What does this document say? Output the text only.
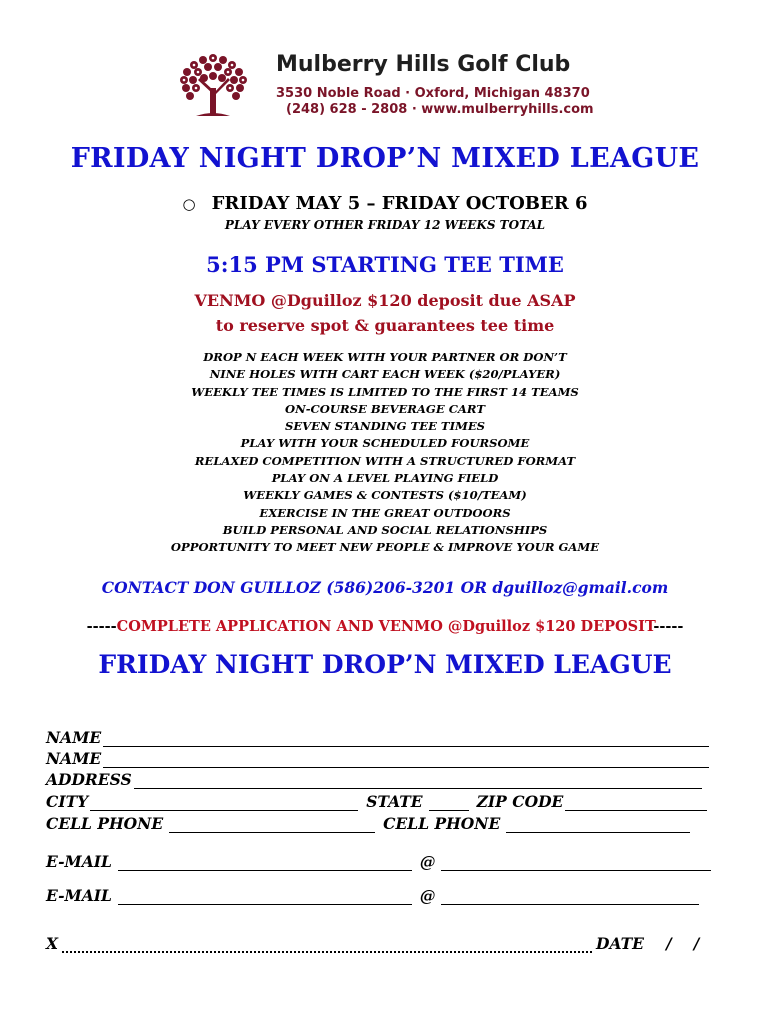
Mulberry Hills Golf Club
3530 Noble Road · Oxford, Michigan 48370
(248) 628 - 2808 · www.mulberryhills.com
FRIDAY NIGHT DROP’N MIXED LEAGUE
○ FRIDAY MAY 5 – FRIDAY OCTOBER 6
PLAY EVERY OTHER FRIDAY 12 WEEKS TOTAL
5:15 PM STARTING TEE TIME
VENMO @Dguilloz $120 deposit due ASAP
to reserve spot & guarantees tee time
DROP N EACH WEEK WITH YOUR PARTNER OR DON’T
NINE HOLES WITH CART EACH WEEK ($20/PLAYER)
WEEKLY TEE TIMES IS LIMITED TO THE FIRST 14 TEAMS
ON-COURSE BEVERAGE CART
SEVEN STANDING TEE TIMES
PLAY WITH YOUR SCHEDULED FOURSOME
RELAXED COMPETITION WITH A STRUCTURED FORMAT
PLAY ON A LEVEL PLAYING FIELD
WEEKLY GAMES & CONTESTS ($10/TEAM)
EXERCISE IN THE GREAT OUTDOORS
BUILD PERSONAL AND SOCIAL RELATIONSHIPS
OPPORTUNITY TO MEET NEW PEOPLE & IMPROVE YOUR GAME
CONTACT DON GUILLOZ (586)206-3201 OR dguilloz@gmail.com
-----COMPLETE APPLICATION AND VENMO @Dguilloz $120 DEPOSIT-----
FRIDAY NIGHT DROP’N MIXED LEAGUE
NAME
NAME
ADDRESS
CITY	STATE	ZIP CODE
CELL PHONE	CELL PHONE
E-MAIL	@
E-MAIL	@
X	DATE / /
